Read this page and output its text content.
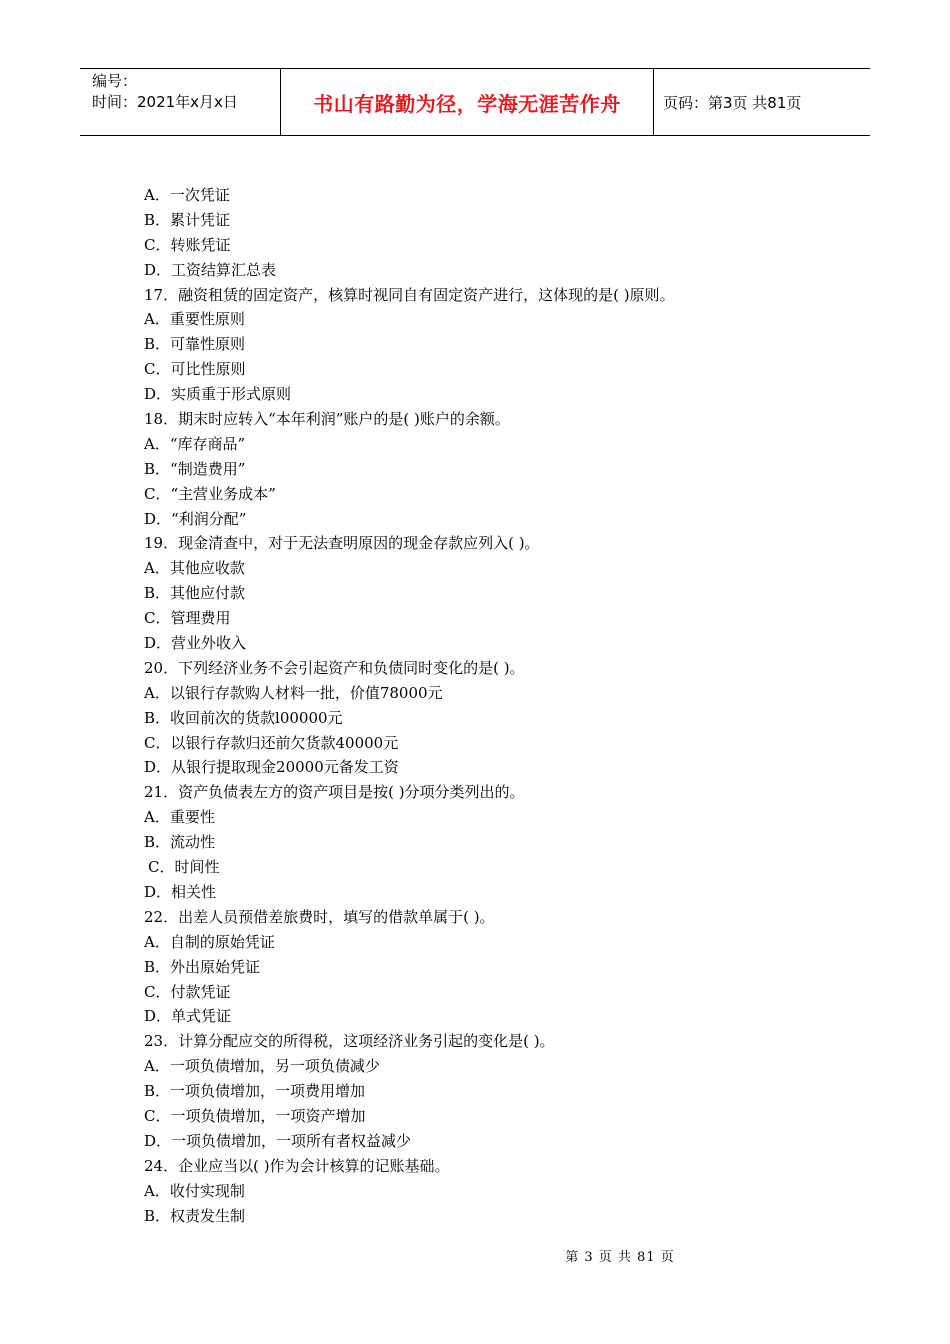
编号：
时间：2021年x月x日	书山有路勤为径，学海无涯苦作舟	页码：第3页 共81页
A．一次凭证
B．累计凭证
C．转账凭证
D．工资结算汇总表
17．融资租赁的固定资产，核算时视同自有固定资产进行，这体现的是( )原则。
A．重要性原则
B．可靠性原则
C．可比性原则
D．实质重于形式原则
18．期末时应转入“本年利润”账户的是( )账户的余额。
A．“库存商品”
B．“制造费用”
C．“主营业务成本”
D．“利润分配”
19．现金清查中，对于无法查明原因的现金存款应列入( )。
A．其他应收款
B．其他应付款
C．管理费用
D．营业外收入
20．下列经济业务不会引起资产和负债同时变化的是( )。
A．以银行存款购人材料一批，价值78000元
B．收回前次的货款l00000元
C．以银行存款归还前欠货款40000元
D．从银行提取现金20000元备发工资
21．资产负债表左方的资产项目是按( )分项分类列出的。
A．重要性
B．流动性
C．时间性
D．相关性
22．出差人员预借差旅费时，填写的借款单属于( )。
A．自制的原始凭证
B．外出原始凭证
C．付款凭证
D．单式凭证
23．计算分配应交的所得税，这项经济业务引起的变化是( )。
A．一项负债增加，另一项负债减少
B．一项负债增加，一项费用增加
C．一项负债增加，一项资产增加
D．一项负债增加，一项所有者权益减少
24．企业应当以( )作为会计核算的记账基础。
A．收付实现制
B．权责发生制
第 3 页 共 81 页
